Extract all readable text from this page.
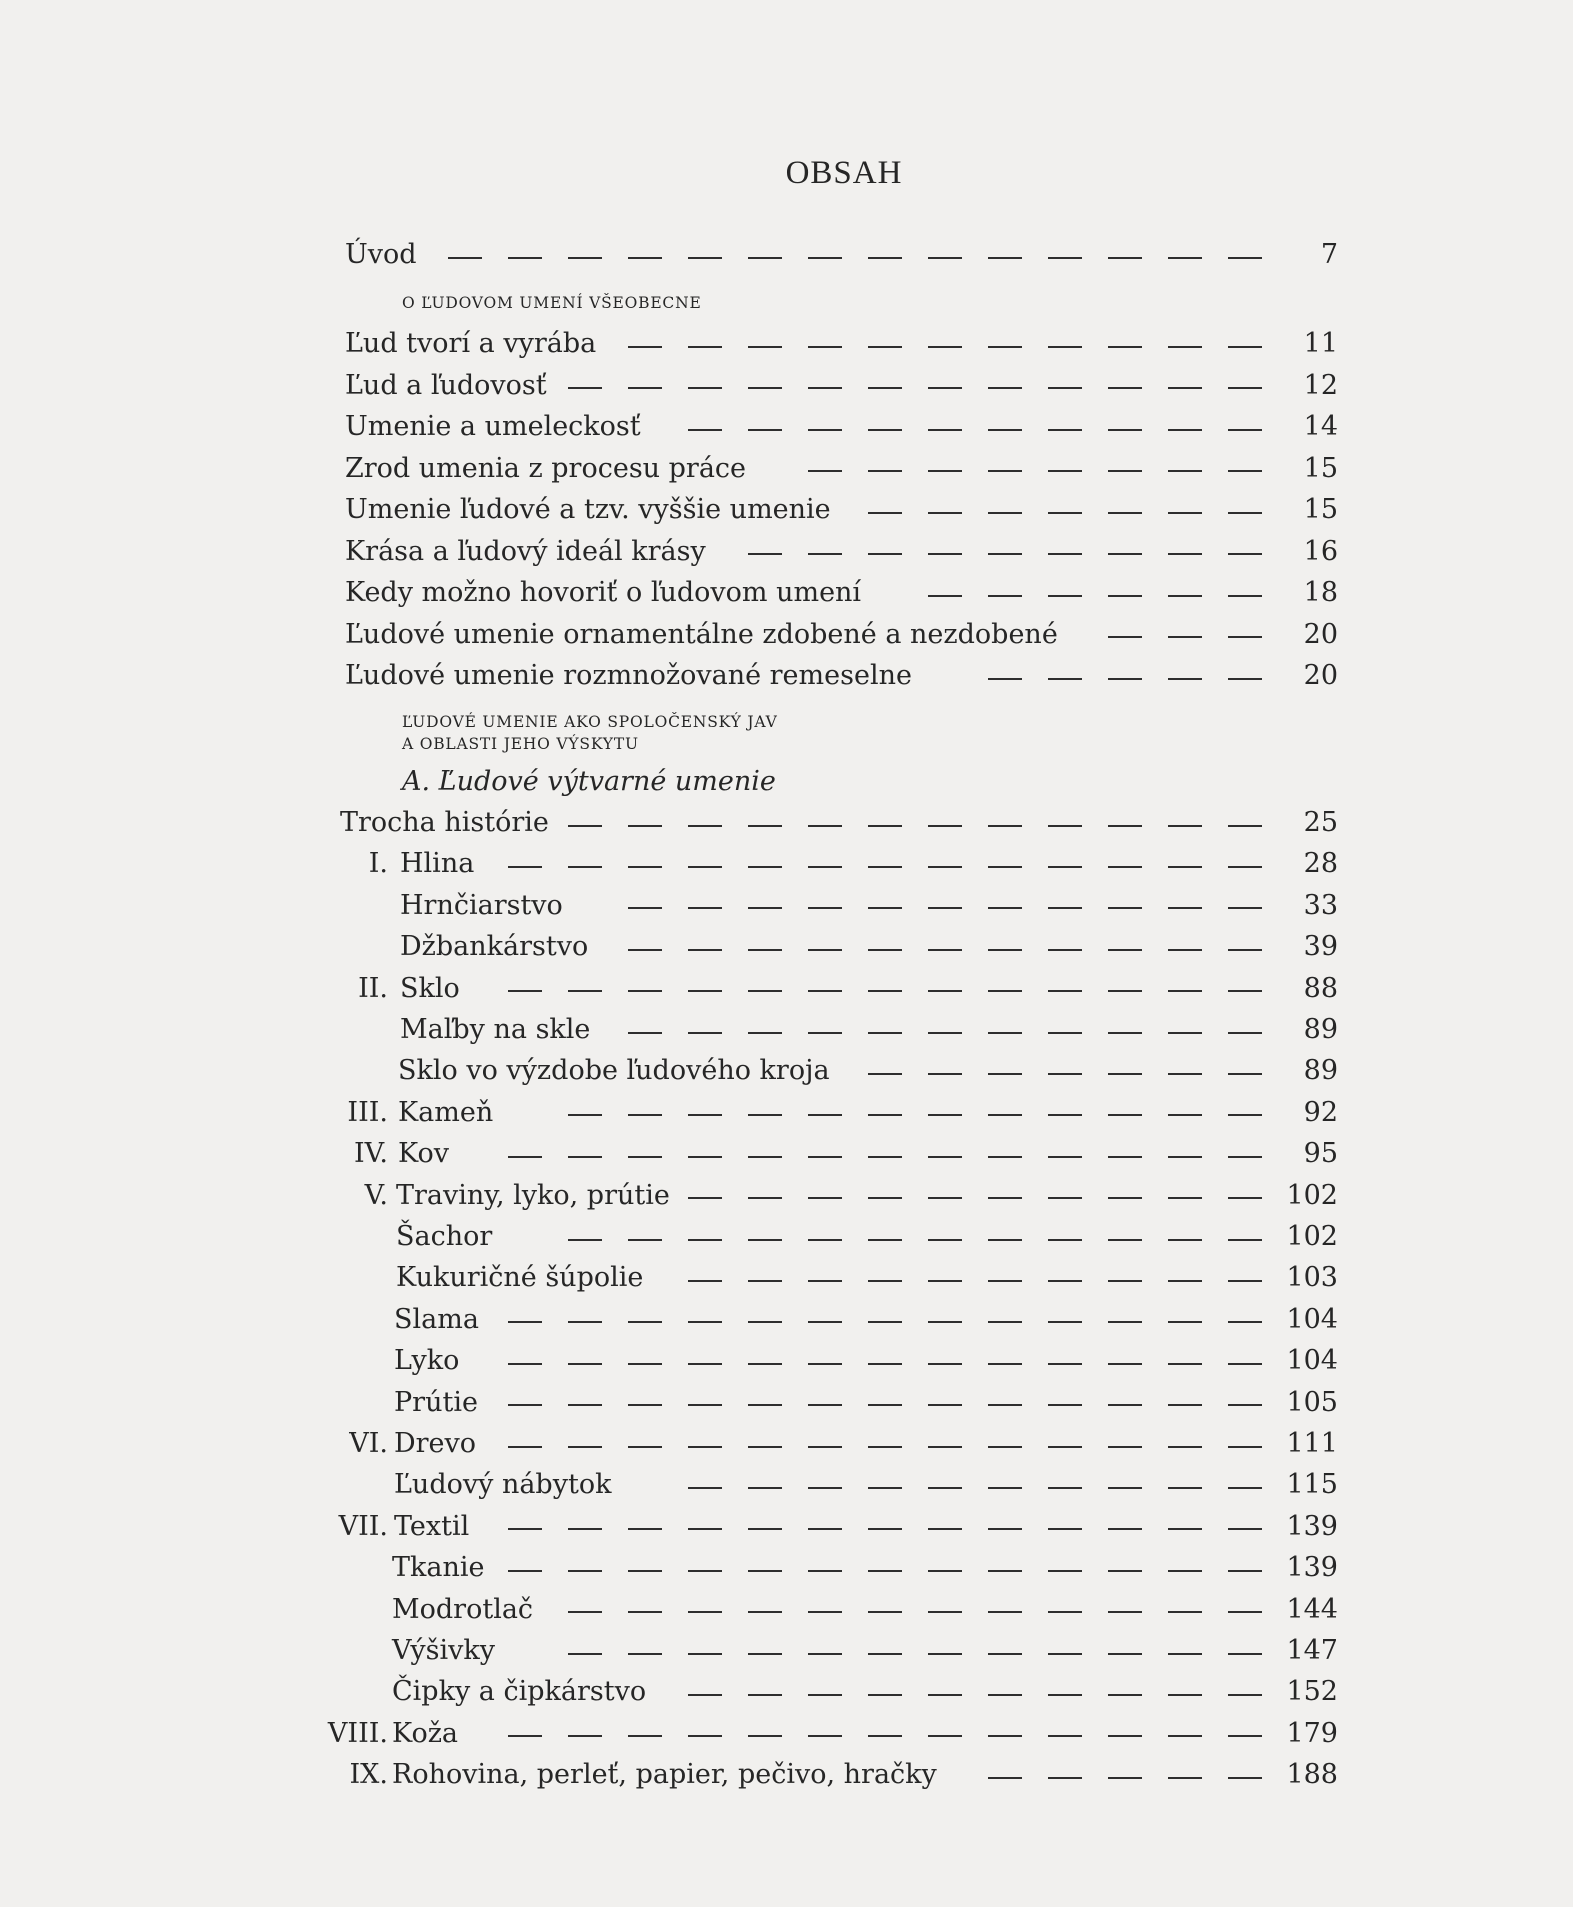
OBSAH
Úvod	7
O ĽUDOVOM UMENÍ VŠEOBECNE
Ľud tvorí a vyrába	11
Ľud a ľudovosť	12
Umenie a umeleckosť	14
Zrod umenia z procesu práce	15
Umenie ľudové a tzv. vyššie umenie	15
Krása a ľudový ideál krásy	16
Kedy možno hovoriť o ľudovom umení	18
Ľudové umenie ornamentálne zdobené a nezdobené	20
Ľudové umenie rozmnožované remeselne	20
ĽUDOVÉ UMENIE AKO SPOLOČENSKÝ JAV
A OBLASTI JEHO VÝSKYTU
A. Ľudové výtvarné umenie
Trocha histórie	25
I. Hlina	28
Hrnčiarstvo	33
Džbankárstvo	39
II. Sklo	88
Maľby na skle	89
Sklo vo výzdobe ľudového kroja	89
III. Kameň	92
IV. Kov	95
V. Traviny, lyko, prútie	102
Šachor	102
Kukuričné šúpolie	103
Slama	104
Lyko	104
Prútie	105
VI. Drevo	111
Ľudový nábytok	115
VII. Textil	139
Tkanie	139
Modrotlač	144
Výšivky	147
Čipky a čipkárstvo	152
VIII. Koža	179
IX. Rohovina, perleť, papier, pečivo, hračky	188
